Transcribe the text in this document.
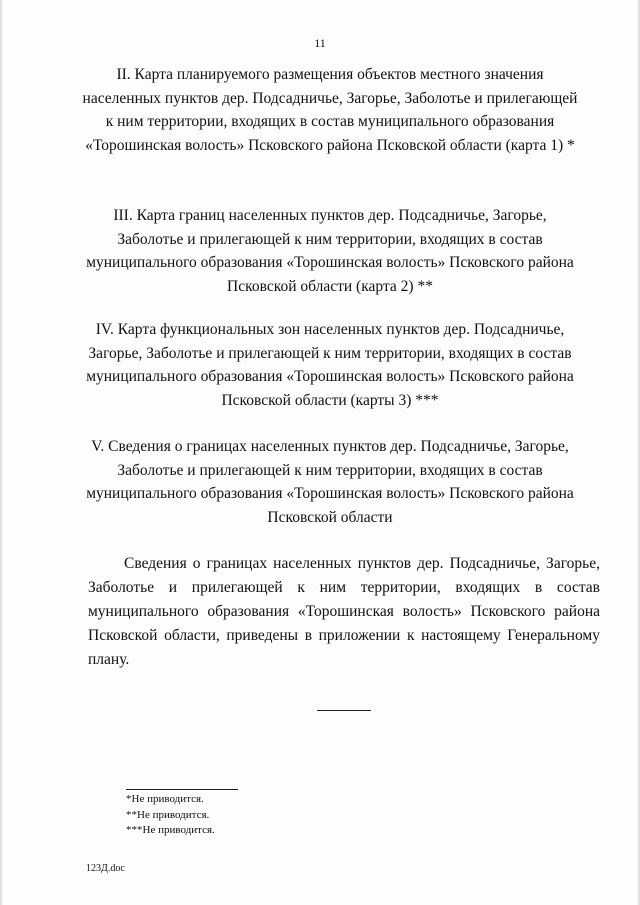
11
II. Карта планируемого размещения объектов местного значения населенных пунктов дер. Подсадничье, Загорье, Заболотье и прилегающей к ним территории, входящих в состав муниципального образования «Торошинская волость» Псковского района Псковской области (карта 1) *
III. Карта границ населенных пунктов дер. Подсадничье, Загорье, Заболотье и прилегающей к ним территории, входящих в состав муниципального образования «Торошинская волость» Псковского района Псковской области (карта 2) **
IV. Карта функциональных зон населенных пунктов дер. Подсадничье, Загорье, Заболотье и прилегающей к ним территории, входящих в состав муниципального образования «Торошинская волость» Псковского района Псковской области (карты 3) ***
V. Сведения о границах населенных пунктов дер. Подсадничье, Загорье, Заболотье и прилегающей к ним территории, входящих в состав муниципального образования «Торошинская волость» Псковского района Псковской области
Сведения о границах населенных пунктов дер. Подсадничье, Загорье, Заболотье и прилегающей к ним территории, входящих в состав муниципального образования «Торошинская волость» Псковского района Псковской области, приведены в приложении к настоящему Генеральному плану.
*Не приводится.
**Не приводится.
***Не приводится.
123Д.doc
